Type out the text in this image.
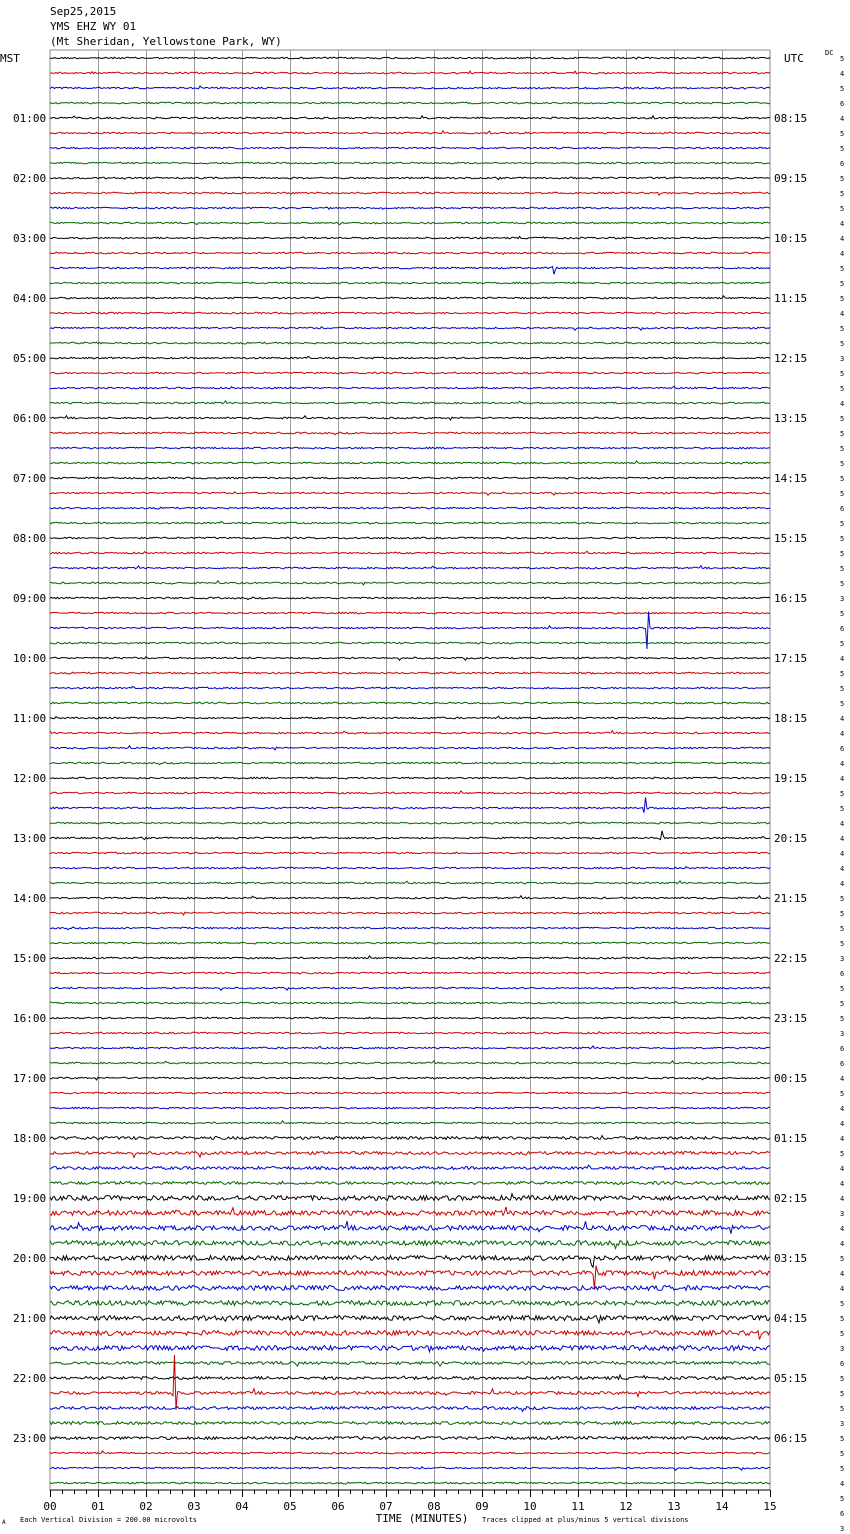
Sep25,2015
YMS EHZ WY 01
(Mt Sheridan, Yellowstone Park, WY)
MST	UTC	DC
01:00
02:00
03:00
04:00
05:00
06:00
07:00
08:00
09:00
10:00
11:00
12:00
13:00
14:00
15:00
16:00
17:00
18:00
19:00
20:00
21:00
22:00
23:00
08:15
09:15
10:15
11:15
12:15
13:15
14:15
15:15
16:15
17:15
18:15
19:15
20:15
21:15
22:15
23:15
00:15
01:15
02:15
03:15
04:15
05:15
06:15
5
4
5
6
4
5
5
6
5
5
5
4
4
4
5
5
5
4
5
5
3
5
5
4
5
5
5
5
5
5
6
5
5
5
5
5
3
5
6
5
4
5
5
5
4
4
6
4
4
5
5
4
4
4
4
4
5
5
5
5
3
6
5
5
5
3
6
6
4
5
4
4
4
5
4
4
4
3
4
4
5
4
4
5
5
5
3
6
5
5
5
3
5
5
5
4
5
6
3
00	01	02	03	04	05	06	07	08	09	10	11	12	13	14	15
TIME (MINUTES)
Each Vertical Division = 200.00 microvolts	Traces clipped at plus/minus 5 vertical divisions
A
